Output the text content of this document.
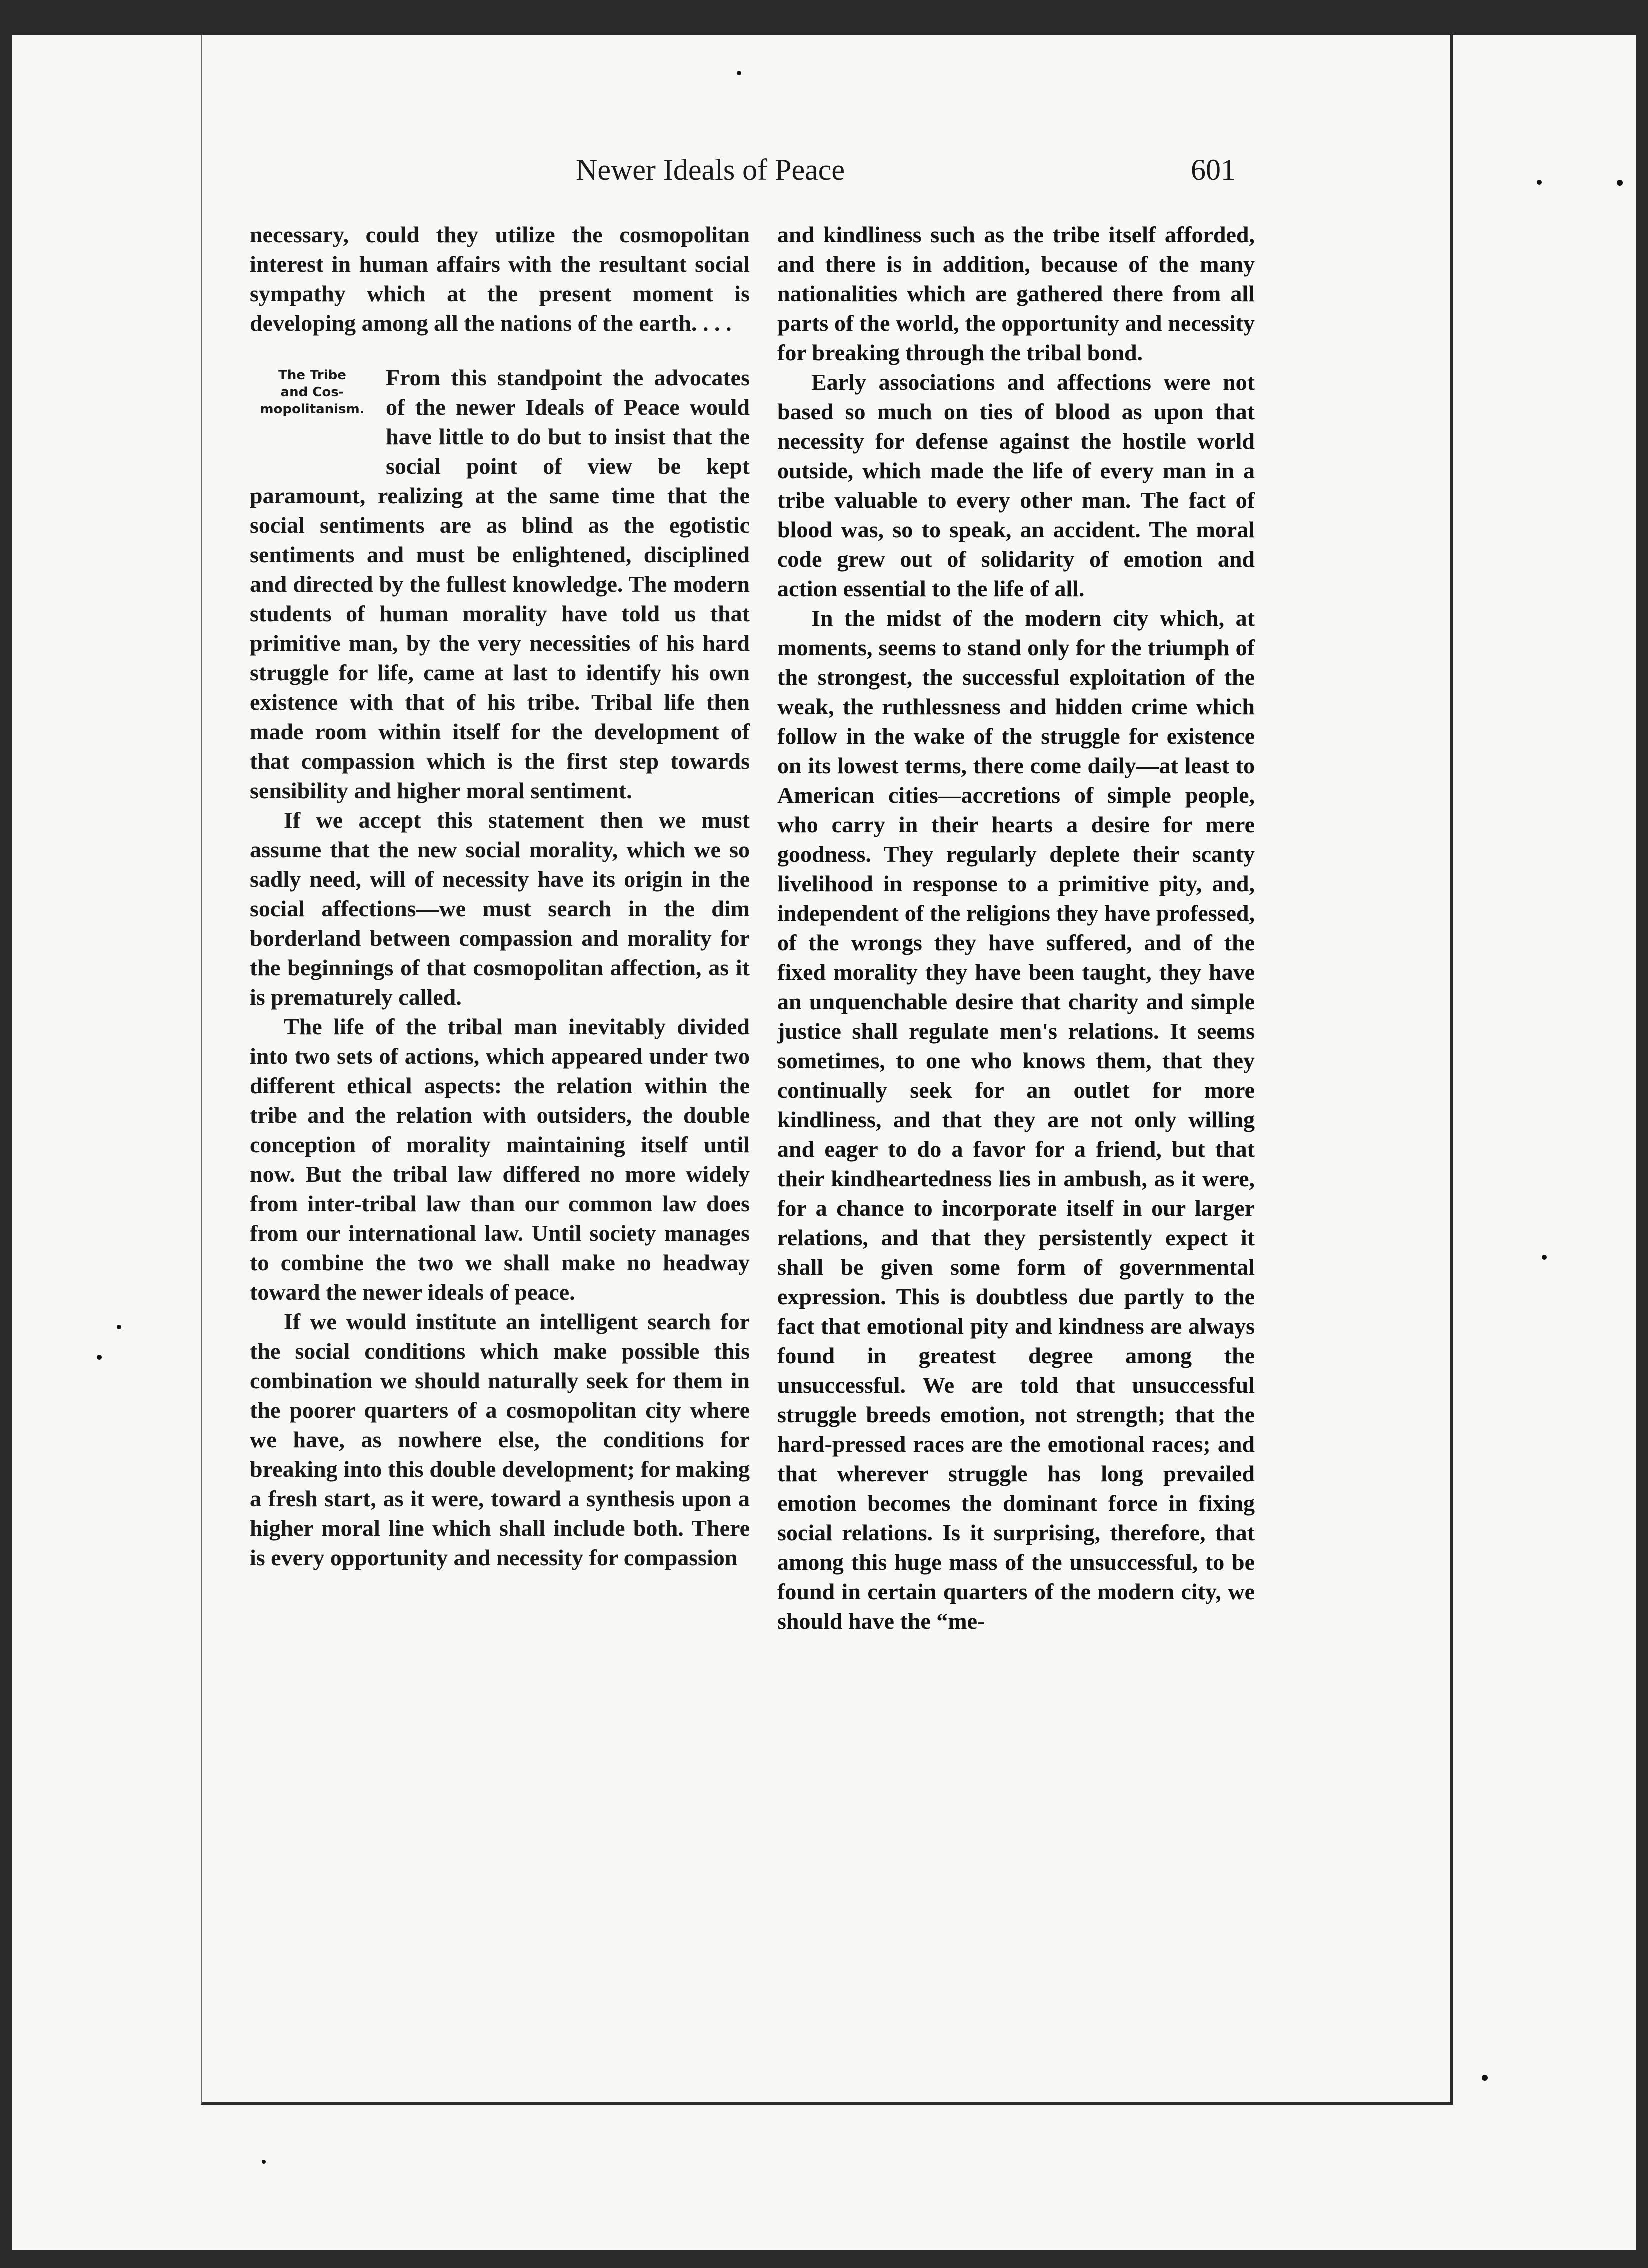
Newer Ideals of Peace	601

necessary, could they utilize the cosmopolitan interest in human affairs with the resultant social sympathy which at the present moment is developing among all the nations of the earth. . . .

The Tribe
and Cos-
mopolitanism.

From this standpoint the advocates of the newer Ideals of Peace would have little to do but to insist that the social point of view be kept paramount, realizing at the same time that the social sentiments are as blind as the egotistic sentiments and must be enlightened, disciplined and directed by the fullest knowledge. The modern students of human morality have told us that primitive man, by the very necessities of his hard struggle for life, came at last to identify his own existence with that of his tribe. Tribal life then made room within itself for the development of that compassion which is the first step towards sensibility and higher moral sentiment.

If we accept this statement then we must assume that the new social morality, which we so sadly need, will of necessity have its origin in the social affections—we must search in the dim borderland between compassion and morality for the beginnings of that cosmopolitan affection, as it is prematurely called.

The life of the tribal man inevitably divided into two sets of actions, which appeared under two different ethical aspects: the relation within the tribe and the relation with outsiders, the double conception of morality maintaining itself until now. But the tribal law differed no more widely from inter-tribal law than our common law does from our international law. Until society manages to combine the two we shall make no headway toward the newer ideals of peace.

If we would institute an intelligent search for the social conditions which make possible this combination we should naturally seek for them in the poorer quarters of a cosmopolitan city where we have, as nowhere else, the conditions for breaking into this double development; for making a fresh start, as it were, toward a synthesis upon a higher moral line which shall include both. There is every opportunity and necessity for compassion

and kindliness such as the tribe itself afforded, and there is in addition, because of the many nationalities which are gathered there from all parts of the world, the opportunity and necessity for breaking through the tribal bond.

Early associations and affections were not based so much on ties of blood as upon that necessity for defense against the hostile world outside, which made the life of every man in a tribe valuable to every other man. The fact of blood was, so to speak, an accident. The moral code grew out of solidarity of emotion and action essential to the life of all.

In the midst of the modern city which, at moments, seems to stand only for the triumph of the strongest, the successful exploitation of the weak, the ruthlessness and hidden crime which follow in the wake of the struggle for existence on its lowest terms, there come daily—at least to American cities—accretions of simple people, who carry in their hearts a desire for mere goodness. They regularly deplete their scanty livelihood in response to a primitive pity, and, independent of the religions they have professed, of the wrongs they have suffered, and of the fixed morality they have been taught, they have an unquenchable desire that charity and simple justice shall regulate men's relations. It seems sometimes, to one who knows them, that they continually seek for an outlet for more kindliness, and that they are not only willing and eager to do a favor for a friend, but that their kindheartedness lies in ambush, as it were, for a chance to incorporate itself in our larger relations, and that they persistently expect it shall be given some form of governmental expression. This is doubtless due partly to the fact that emotional pity and kindness are always found in greatest degree among the unsuccessful. We are told that unsuccessful struggle breeds emotion, not strength; that the hard-pressed races are the emotional races; and that wherever struggle has long prevailed emotion becomes the dominant force in fixing social relations. Is it surprising, therefore, that among this huge mass of the unsuccessful, to be found in certain quarters of the modern city, we should have the “me-
